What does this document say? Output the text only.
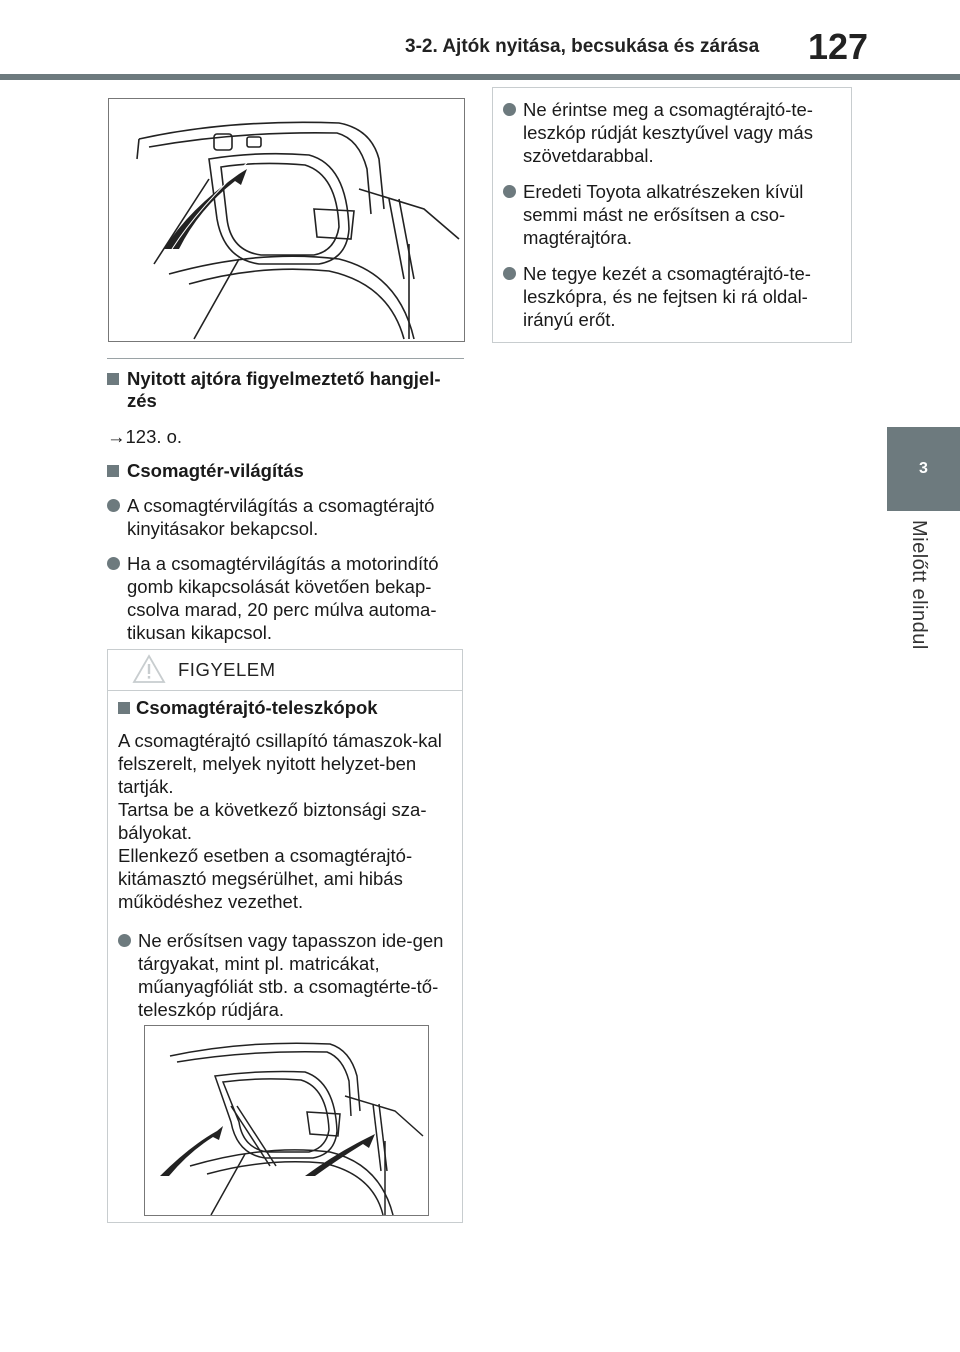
3-2. Ajtók nyitása, becsukása és zárása	127
3
Mielőtt elindul
Nyitott ajtóra figyelmeztető hangjel-zés
→123. o.
Csomagtér-világítás
A csomagtérvilágítás a csomagtérajtó kinyitásakor bekapcsol.
Ha a csomagtérvilágítás a motorindító gomb kikapcsolását követően bekap-csolva marad, 20 perc múlva automa-tikusan kikapcsol.
FIGYELEM
Csomagtérajtó-teleszkópok
A csomagtérajtó csillapító támaszok-kal felszerelt, melyek nyitott helyzet-ben tartják.
Tartsa be a következő biztonsági sza-bályokat.
Ellenkező esetben a csomagtérajtó-kitámasztó megsérülhet, ami hibás működéshez vezethet.
Ne erősítsen vagy tapasszon ide-gen tárgyakat, mint pl. matricákat, műanyagfóliát stb. a csomagtérte-tő-teleszkóp rúdjára.
Ne érintse meg a csomagtérajtó-te-leszkóp rúdját kesztyűvel vagy más szövetdarabbal.
Eredeti Toyota alkatrészeken kívül semmi mást ne erősítsen a cso-magtérajtóra.
Ne tegye kezét a csomagtérajtó-te-leszkópra, és ne fejtsen ki rá oldal-irányú erőt.
